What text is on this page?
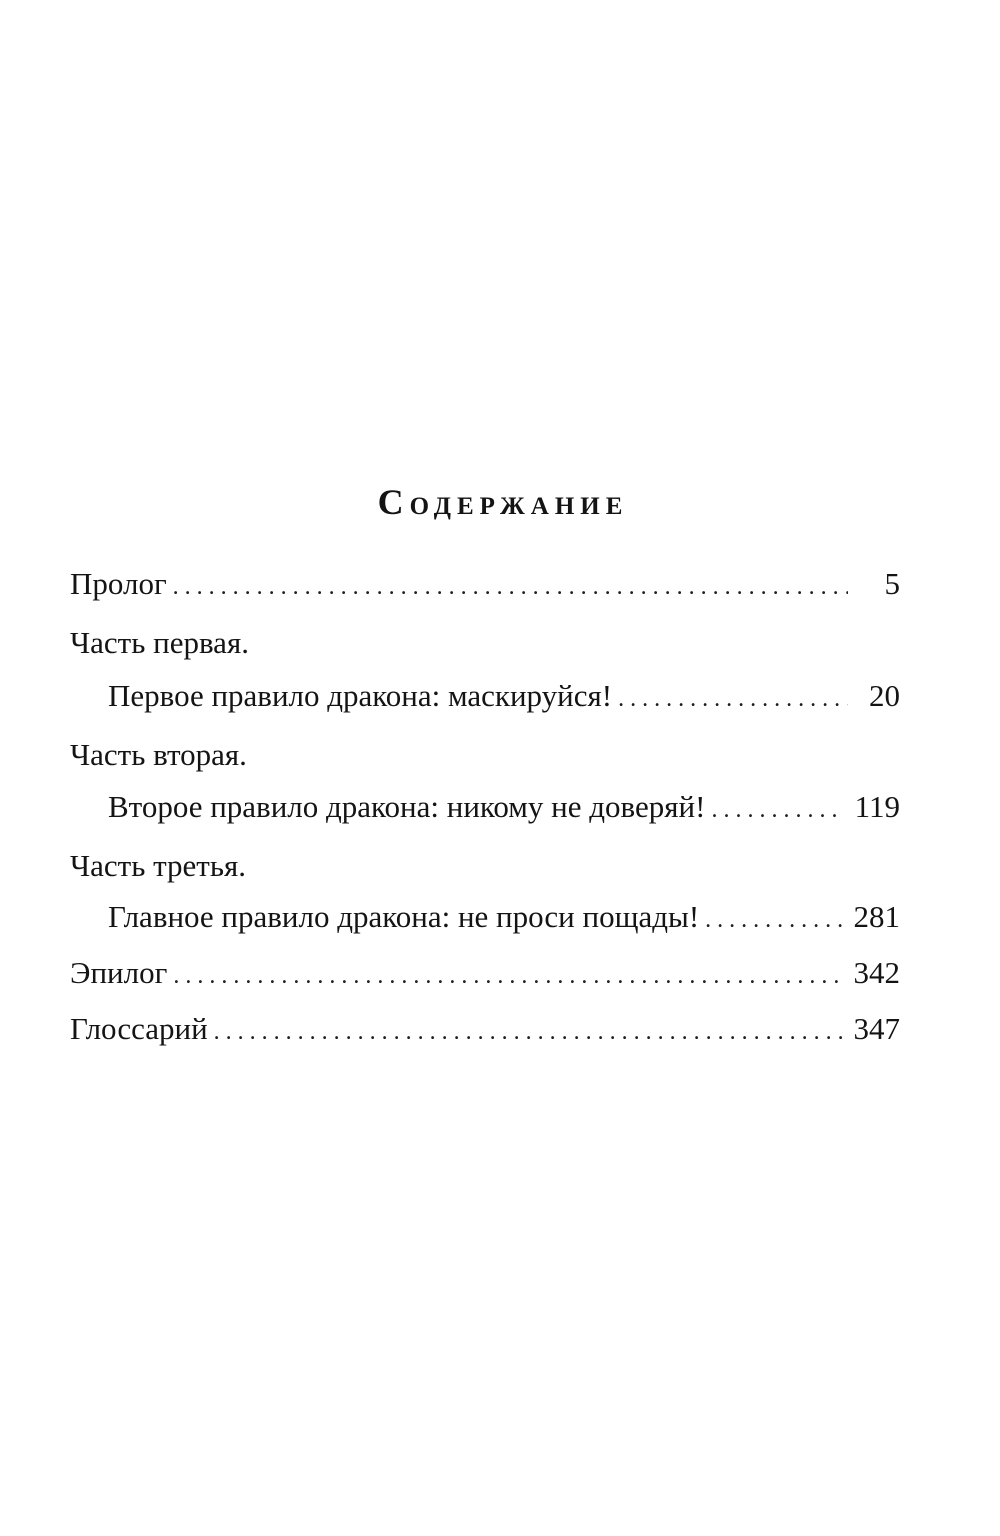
Содержание
Пролог . . .	5
Часть первая.
Первое правило дракона: маскируйся! . . .	20
Часть вторая.
Второе правило дракона: никому не доверяй! . . .	119
Часть третья.
Главное правило дракона: не проси пощады! . . .	281
Эпилог . . .	342
Глоссарий . . .	347
